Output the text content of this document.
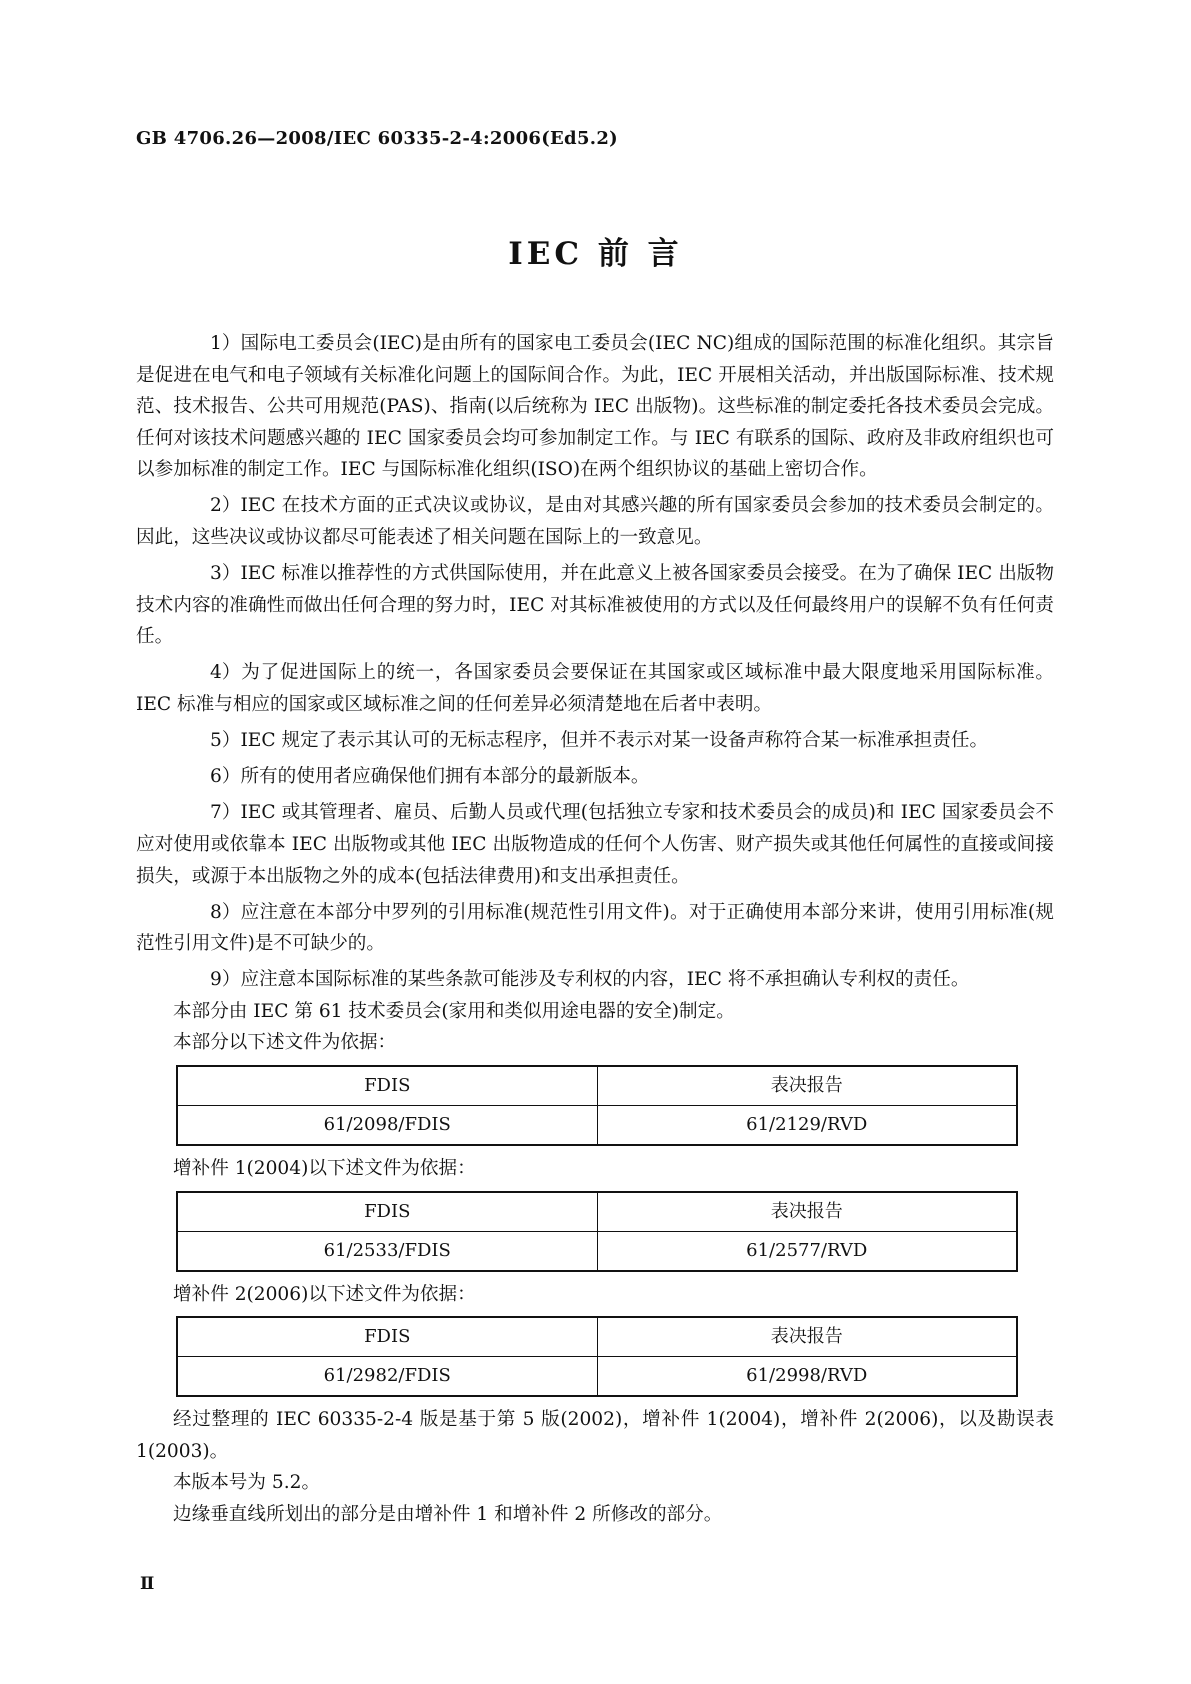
GB 4706.26—2008/IEC 60335-2-4:2006(Ed5.2)
IEC 前 言

1）国际电工委员会(IEC)是由所有的国家电工委员会(IEC NC)组成的国际范围的标准化组织。其宗旨是促进在电气和电子领域有关标准化问题上的国际间合作。为此，IEC 开展相关活动，并出版国际标准、技术规范、技术报告、公共可用规范(PAS)、指南(以后统称为 IEC 出版物)。这些标准的制定委托各技术委员会完成。任何对该技术问题感兴趣的 IEC 国家委员会均可参加制定工作。与 IEC 有联系的国际、政府及非政府组织也可以参加标准的制定工作。IEC 与国际标准化组织(ISO)在两个组织协议的基础上密切合作。

2）IEC 在技术方面的正式决议或协议，是由对其感兴趣的所有国家委员会参加的技术委员会制定的。因此，这些决议或协议都尽可能表述了相关问题在国际上的一致意见。

3）IEC 标准以推荐性的方式供国际使用，并在此意义上被各国家委员会接受。在为了确保 IEC 出版物技术内容的准确性而做出任何合理的努力时，IEC 对其标准被使用的方式以及任何最终用户的误解不负有任何责任。

4）为了促进国际上的统一，各国家委员会要保证在其国家或区域标准中最大限度地采用国际标准。IEC 标准与相应的国家或区域标准之间的任何差异必须清楚地在后者中表明。

5）IEC 规定了表示其认可的无标志程序，但并不表示对某一设备声称符合某一标准承担责任。

6）所有的使用者应确保他们拥有本部分的最新版本。

7）IEC 或其管理者、雇员、后勤人员或代理(包括独立专家和技术委员会的成员)和 IEC 国家委员会不应对使用或依靠本 IEC 出版物或其他 IEC 出版物造成的任何个人伤害、财产损失或其他任何属性的直接或间接损失，或源于本出版物之外的成本(包括法律费用)和支出承担责任。

8）应注意在本部分中罗列的引用标准(规范性引用文件)。对于正确使用本部分来讲，使用引用标准(规范性引用文件)是不可缺少的。

9）应注意本国际标准的某些条款可能涉及专利权的内容，IEC 将不承担确认专利权的责任。

本部分由 IEC 第 61 技术委员会(家用和类似用途电器的安全)制定。

本部分以下述文件为依据：

FDIS	表决报告
61/2098/FDIS	61/2129/RVD

增补件 1(2004)以下述文件为依据：

FDIS	表决报告
61/2533/FDIS	61/2577/RVD

增补件 2(2006)以下述文件为依据：

FDIS	表决报告
61/2982/FDIS	61/2998/RVD

经过整理的 IEC 60335-2-4 版是基于第 5 版(2002)，增补件 1(2004)，增补件 2(2006)，以及勘误表 1(2003)。

本版本号为 5.2。

边缘垂直线所划出的部分是由增补件 1 和增补件 2 所修改的部分。

Ⅱ
